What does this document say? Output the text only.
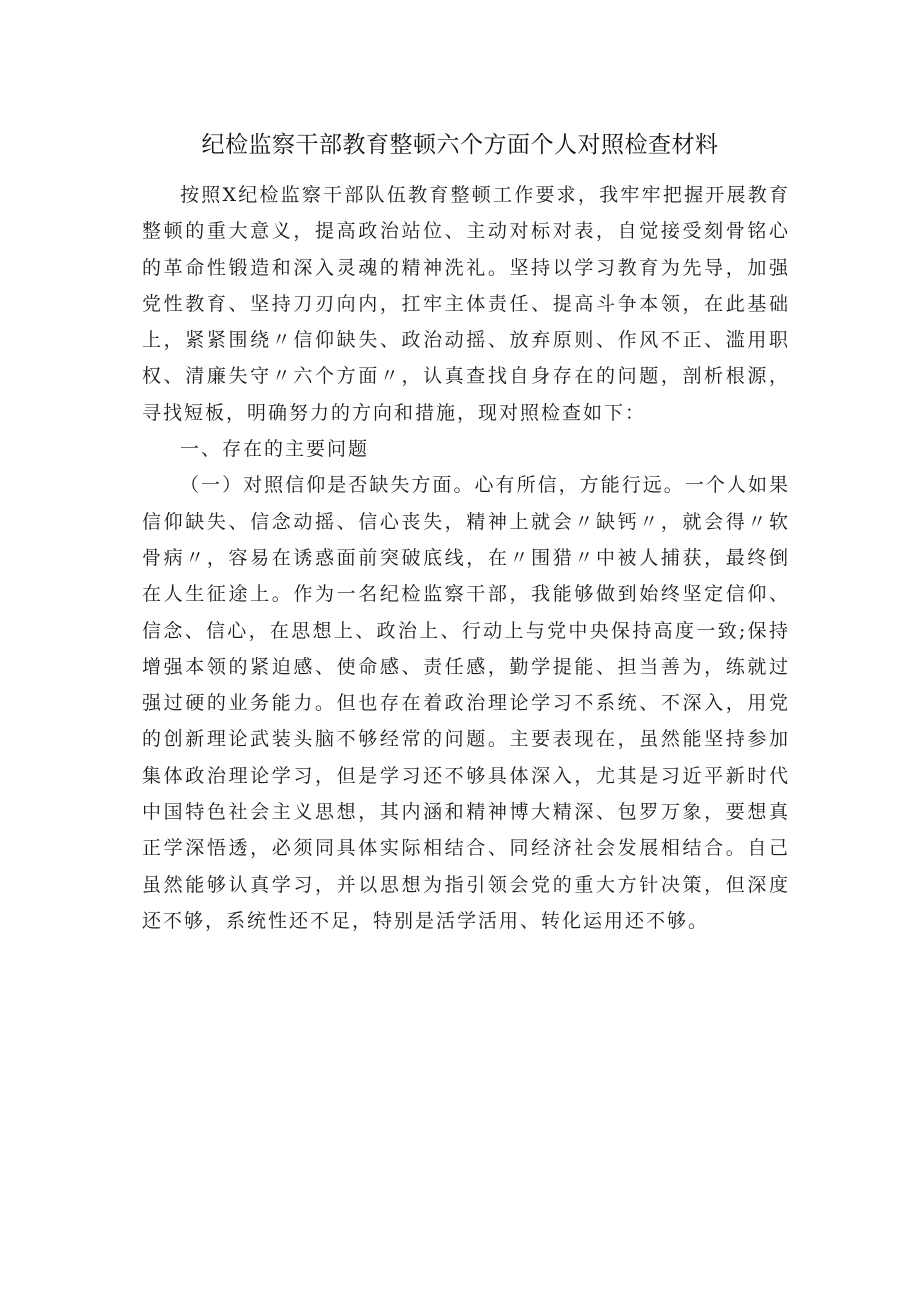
纪检监察干部教育整顿六个方面个人对照检查材料

按照X纪检监察干部队伍教育整顿工作要求，我牢牢把握开展教育整顿的重大意义，提高政治站位、主动对标对表，自觉接受刻骨铭心的革命性锻造和深入灵魂的精神洗礼。坚持以学习教育为先导，加强党性教育、坚持刀刃向内，扛牢主体责任、提高斗争本领，在此基础上，紧紧围绕〃信仰缺失、政治动摇、放弃原则、作风不正、滥用职权、清廉失守〃六个方面〃，认真查找自身存在的问题，剖析根源，寻找短板，明确努力的方向和措施，现对照检查如下：

一、存在的主要问题

（一）对照信仰是否缺失方面。心有所信，方能行远。一个人如果信仰缺失、信念动摇、信心丧失，精神上就会〃缺钙〃，就会得〃软骨病〃，容易在诱惑面前突破底线，在〃围猎〃中被人捕获，最终倒在人生征途上。作为一名纪检监察干部，我能够做到始终坚定信仰、信念、信心，在思想上、政治上、行动上与党中央保持高度一致;保持增强本领的紧迫感、使命感、责任感，勤学提能、担当善为，练就过强过硬的业务能力。但也存在着政治理论学习不系统、不深入，用党的创新理论武装头脑不够经常的问题。主要表现在，虽然能坚持参加集体政治理论学习，但是学习还不够具体深入，尤其是习近平新时代中国特色社会主义思想，其内涵和精神博大精深、包罗万象，要想真正学深悟透，必须同具体实际相结合、同经济社会发展相结合。自己虽然能够认真学习，并以思想为指引领会党的重大方针决策，但深度还不够，系统性还不足，特别是活学活用、转化运用还不够。
